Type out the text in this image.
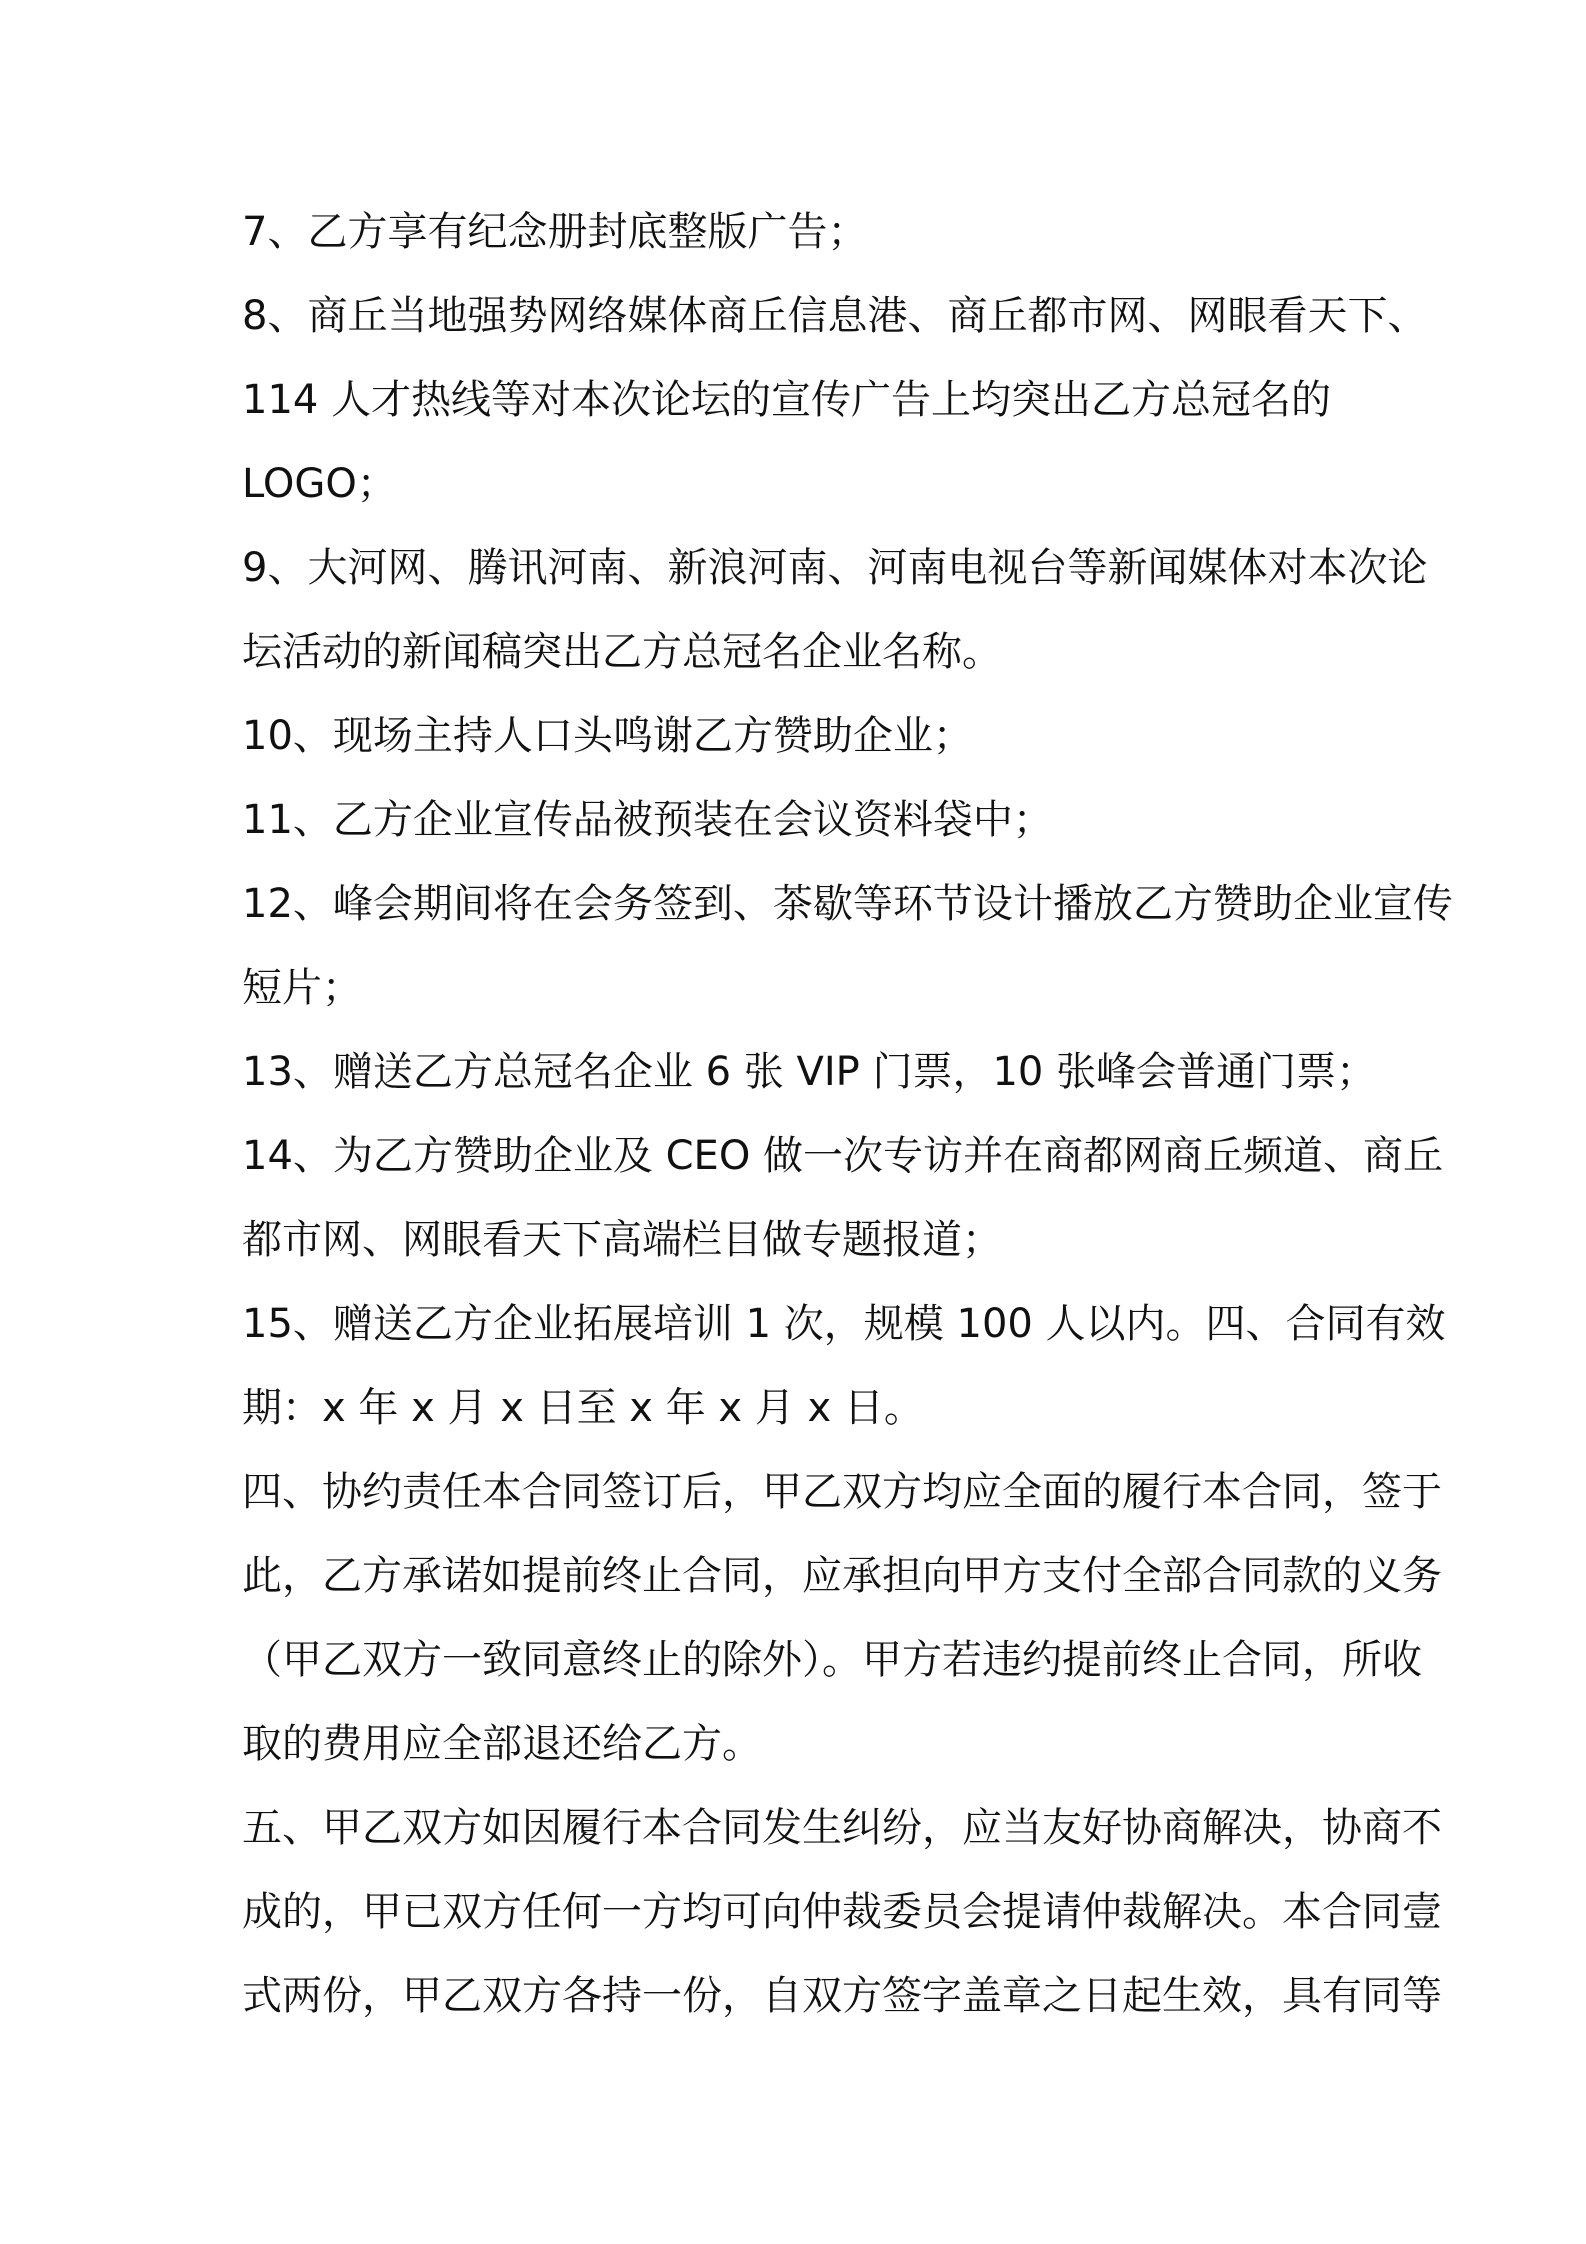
7、乙方享有纪念册封底整版广告；
8、商丘当地强势网络媒体商丘信息港、商丘都市网、网眼看天下、
114 人才热线等对本次论坛的宣传广告上均突出乙方总冠名的
LOGO；
9、大河网、腾讯河南、新浪河南、河南电视台等新闻媒体对本次论
坛活动的新闻稿突出乙方总冠名企业名称。
10、现场主持人口头鸣谢乙方赞助企业；
11、乙方企业宣传品被预装在会议资料袋中；
12、峰会期间将在会务签到、茶歇等环节设计播放乙方赞助企业宣传
短片；
13、赠送乙方总冠名企业 6 张 VIP 门票，10 张峰会普通门票；
14、为乙方赞助企业及 CEO 做一次专访并在商都网商丘频道、商丘
都市网、网眼看天下高端栏目做专题报道；
15、赠送乙方企业拓展培训 1 次，规模 100 人以内。四、合同有效
期：x 年 x 月 x 日至 x 年 x 月 x 日。
四、协约责任本合同签订后，甲乙双方均应全面的履行本合同，签于
此，乙方承诺如提前终止合同，应承担向甲方支付全部合同款的义务
（甲乙双方一致同意终止的除外）。甲方若违约提前终止合同，所收
取的费用应全部退还给乙方。
五、甲乙双方如因履行本合同发生纠纷，应当友好协商解决，协商不
成的，甲已双方任何一方均可向仲裁委员会提请仲裁解决。本合同壹
式两份，甲乙双方各持一份，自双方签字盖章之日起生效，具有同等
